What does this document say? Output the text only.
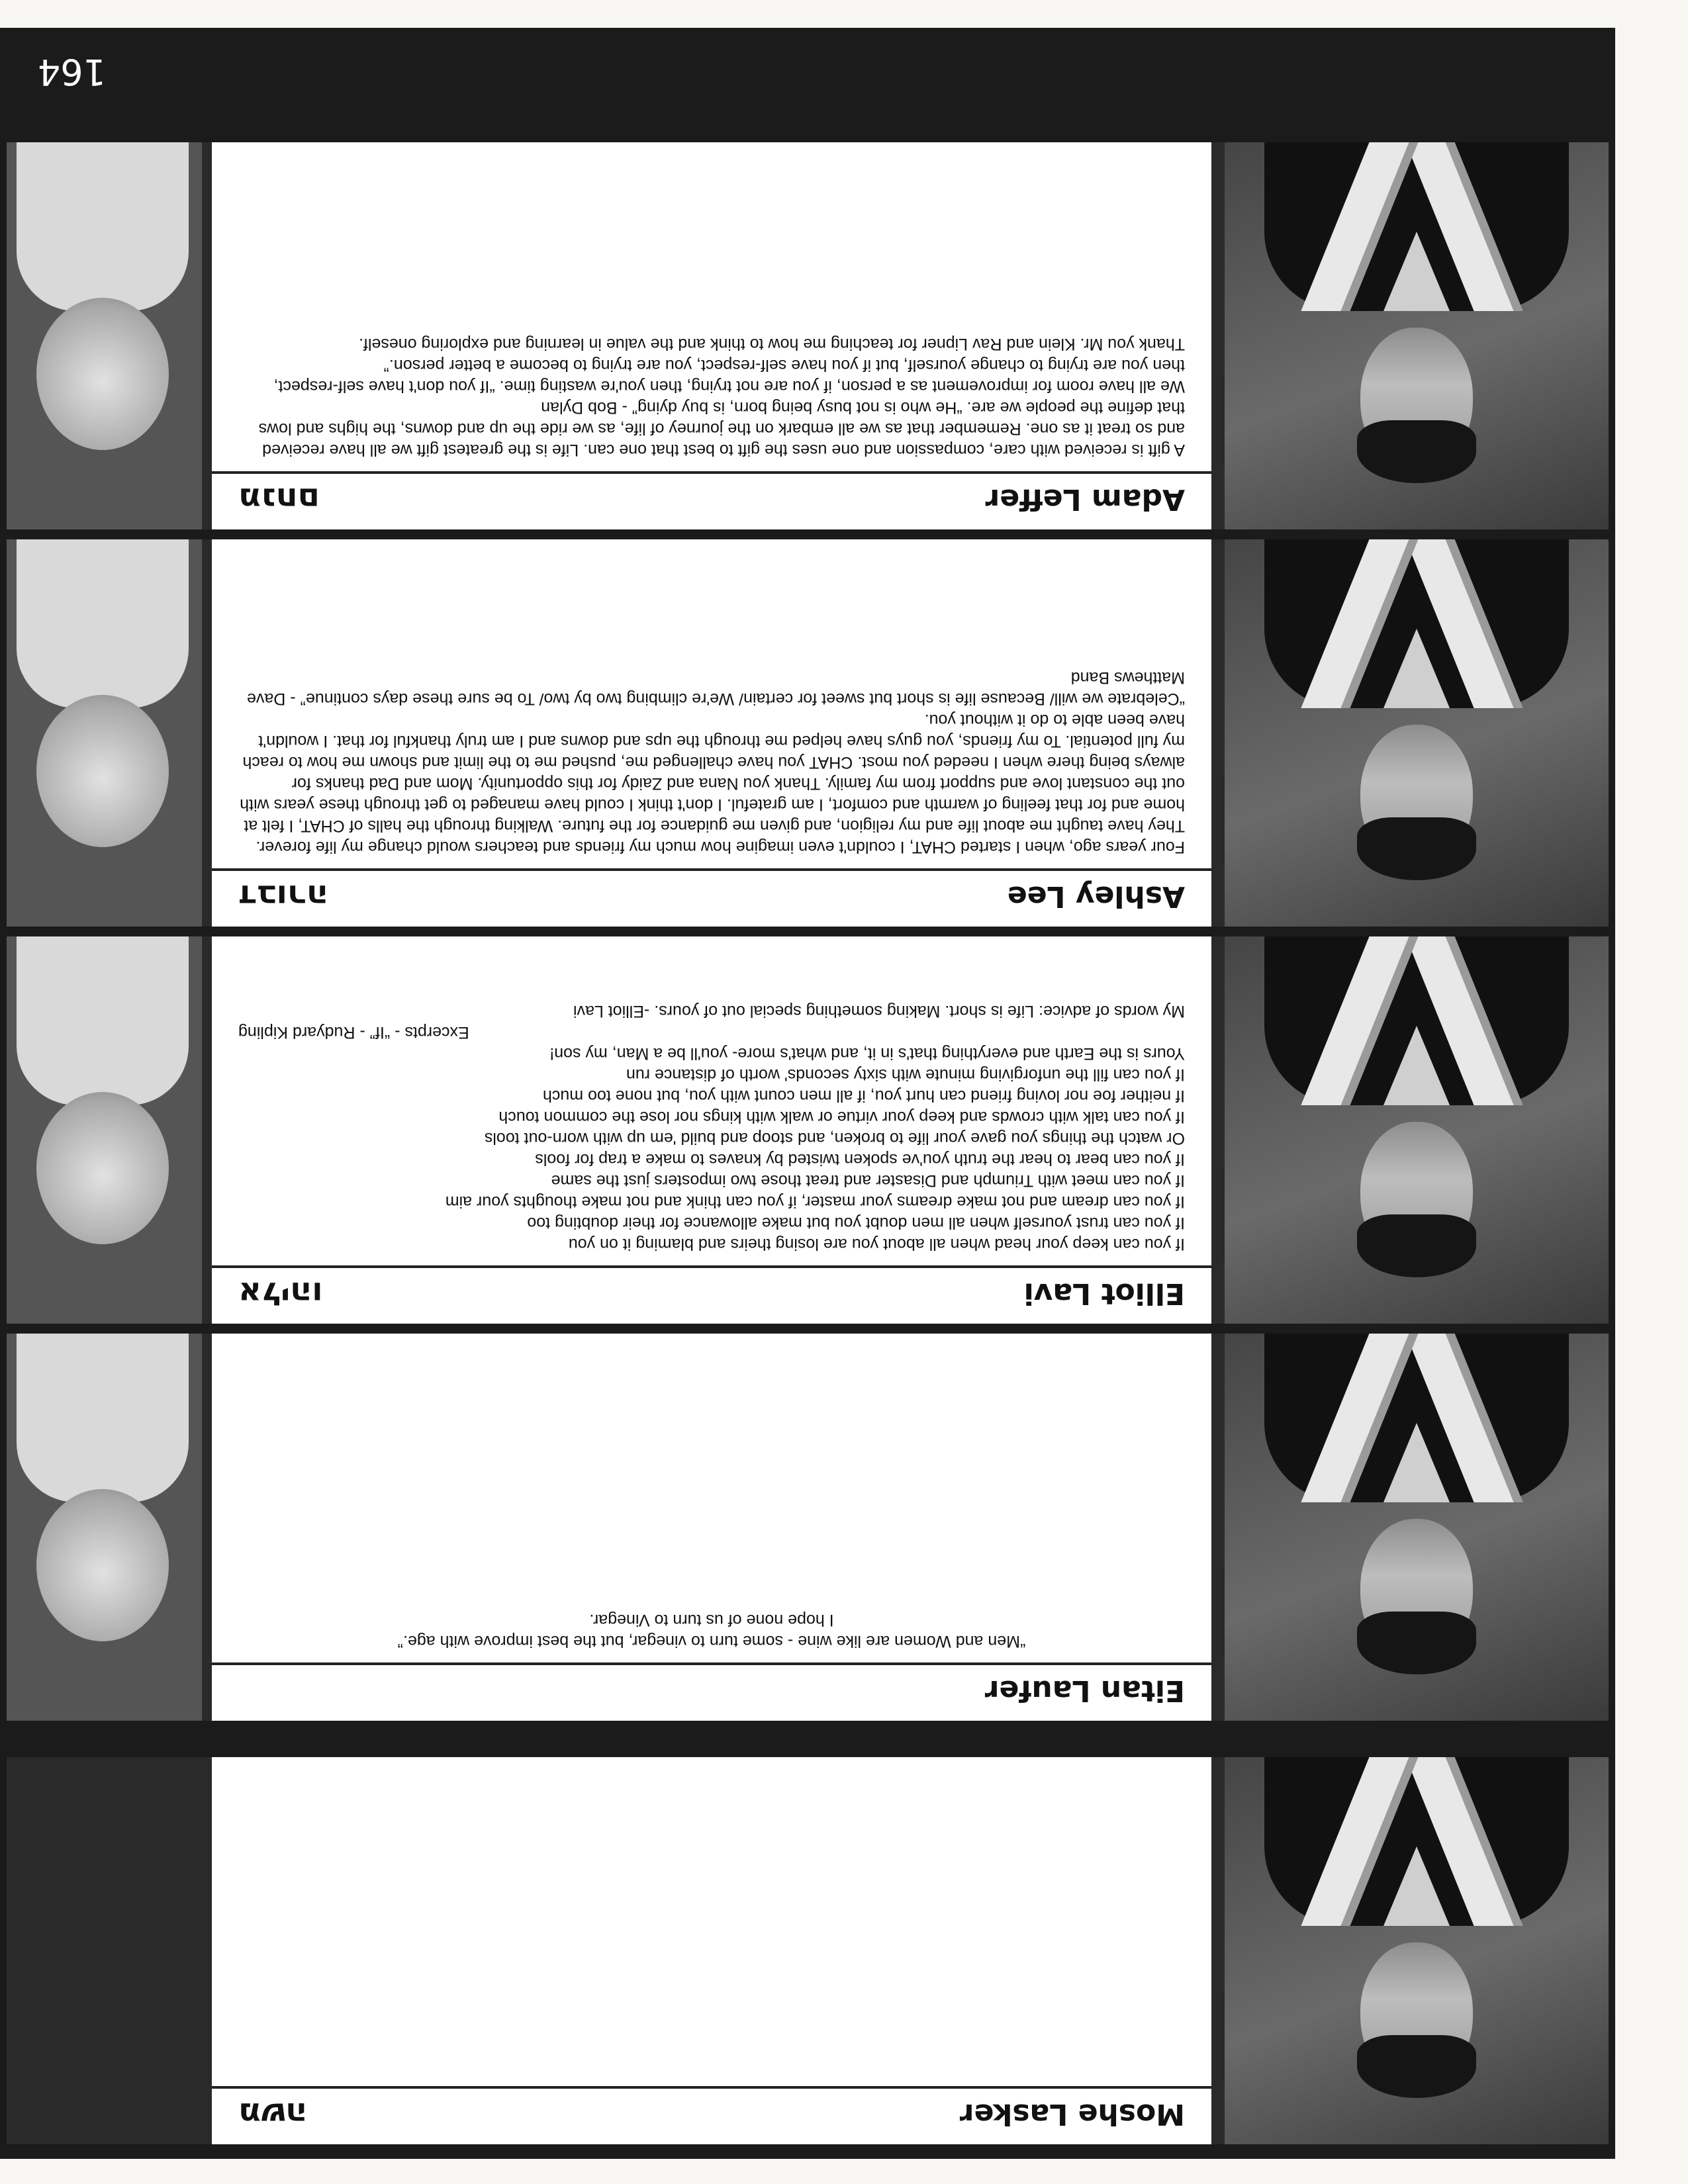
Moshe Lasker
משה
Eitan Laufer

“Men and Women are like wine - some turn to vinegar, but the best improve with age.”

I hope none of us turn to Vinegar.

Elliot Lavi
אליהו

If you can keep your head when all about you are losing theirs and blaming it on you

If you can trust yourself when all men doubt you but make allowance for their doubting too

If you can dream and not make dreams your master, if you can think and not make thoughts your aim

If you can meet with Triumph and Disaster and treat those two imposters just the same

If you can bear to hear the truth you've spoken twisted by knaves to make a trap for fools

Or watch the things you gave your life to broken, and stoop and build 'em up with worn-out tools

If you can talk with crowds and keep your virtue or walk with kings nor lose the common touch

If neither foe nor loving friend can hurt you, if all men count with you, but none too much

If you can fill the unforgiving minute with sixty seconds' worth of distance run

Yours is the Earth and everything that's in it, and what's more- you'll be a Man, my son!

Excerpts - “If” - Rudyard Kipling

My words of advice: Life is short. Making something special out of yours. -Elliot Lavi

Ashley Lee
דבורה

Four years ago, when I started CHAT, I couldn't even imagine how much my friends and teachers would change my life forever. They have taught me about life and my religion, and given me guidance for the future. Walking through the halls of CHAT, I felt at home and for that feeling of warmth and comfort, I am grateful. I don't think I could have managed to get through these years with out the constant love and support from my family. Thank you Nana and Zaidy for this opportunity. Mom and Dad thanks for always being there when I needed you most. CHAT you have challenged me, pushed me to the limit and shown me how to reach my full potential. To my friends, you guys have helped me through the ups and downs and I am truly thankful for that. I wouldn't have been able to do it without you.

“Celebrate we will/ Because life is short but sweet for certain/ We're climbing two by two/ To be sure these days continue” - Dave Matthews Band

Adam Leffer
מנחם

A gift is received with care, compassion and one uses the gift to best that one can. Life is the greatest gift we all have received and so treat it as one. Remember that as we all embark on the journey of life, as we ride the up and downs, the highs and lows that define the people we are. “He who is not busy being born, is buy dying” - Bob Dylan

We all have room for improvement as a person, if you are not trying, then you're wasting time. “If you don't have self-respect, then you are trying to change yourself, but if you have self-respect, you are trying to become a better person.”

Thank you Mr. Klein and Rav Lipner for teaching me how to think and the value in learning and exploring oneself.

164
